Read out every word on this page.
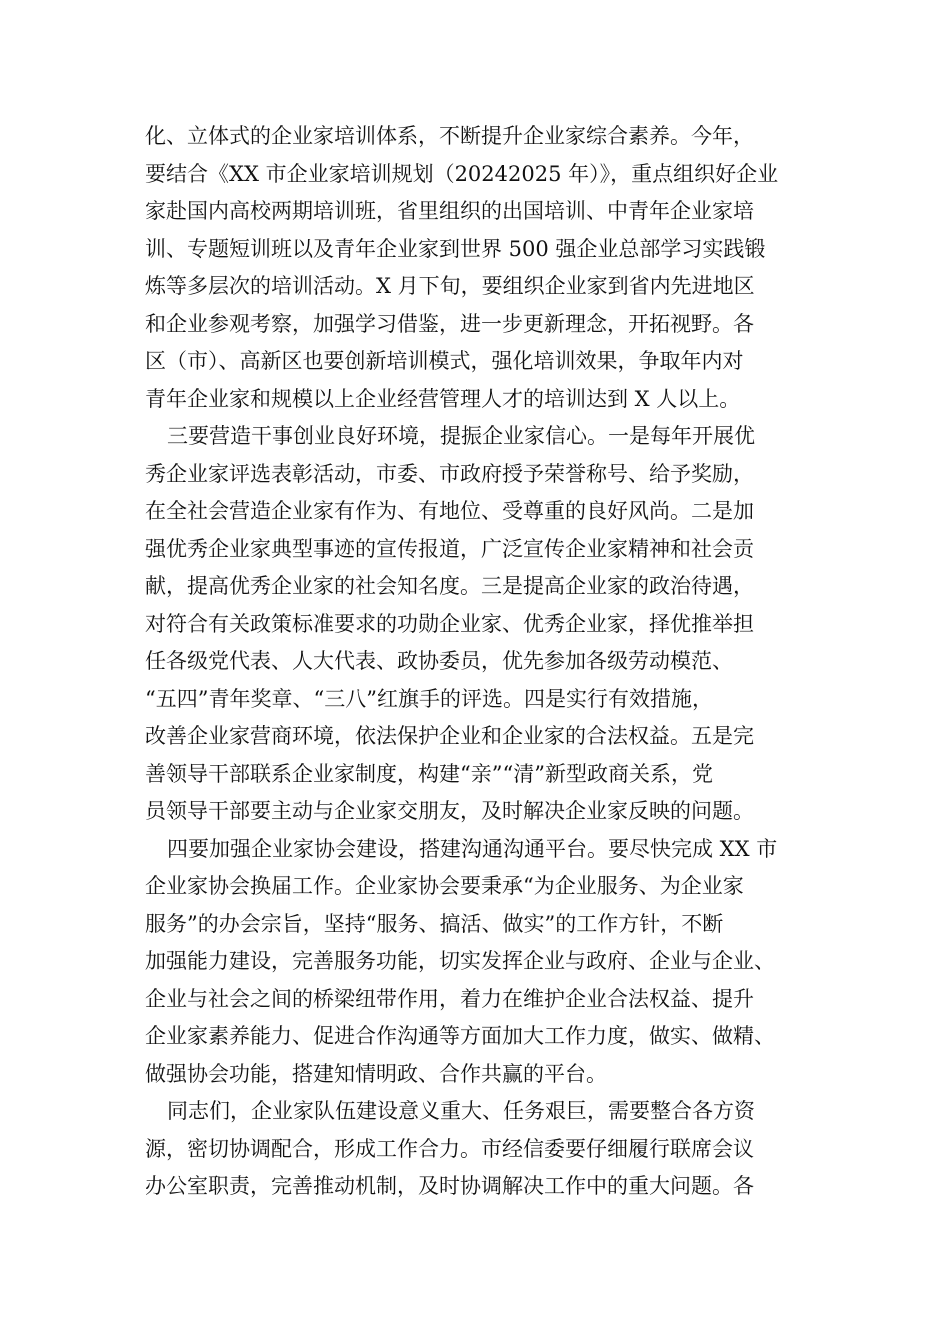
化、立体式的企业家培训体系，不断提升企业家综合素养。今年，
要结合《XX 市企业家培训规划（20242025 年）》，重点组织好企业
家赴国内高校两期培训班，省里组织的出国培训、中青年企业家培
训、专题短训班以及青年企业家到世界 500 强企业总部学习实践锻
炼等多层次的培训活动。X 月下旬，要组织企业家到省内先进地区
和企业参观考察，加强学习借鉴，进一步更新理念，开拓视野。各
区（市）、高新区也要创新培训模式，强化培训效果，争取年内对
青年企业家和规模以上企业经营管理人才的培训达到 X 人以上。
三要营造干事创业良好环境，提振企业家信心。一是每年开展优
秀企业家评选表彰活动，市委、市政府授予荣誉称号、给予奖励，
在全社会营造企业家有作为、有地位、受尊重的良好风尚。二是加
强优秀企业家典型事迹的宣传报道，广泛宣传企业家精神和社会贡
献，提高优秀企业家的社会知名度。三是提高企业家的政治待遇，
对符合有关政策标准要求的功勋企业家、优秀企业家，择优推举担
任各级党代表、人大代表、政协委员，优先参加各级劳动模范、
“五四”青年奖章、“三八”红旗手的评选。四是实行有效措施，
改善企业家营商环境，依法保护企业和企业家的合法权益。五是完
善领导干部联系企业家制度，构建“亲”“清”新型政商关系，党
员领导干部要主动与企业家交朋友，及时解决企业家反映的问题。
四要加强企业家协会建设，搭建沟通沟通平台。要尽快完成 XX 市
企业家协会换届工作。企业家协会要秉承“为企业服务、为企业家
服务”的办会宗旨，坚持“服务、搞活、做实”的工作方针，不断
加强能力建设，完善服务功能，切实发挥企业与政府、企业与企业、
企业与社会之间的桥梁纽带作用，着力在维护企业合法权益、提升
企业家素养能力、促进合作沟通等方面加大工作力度，做实、做精、
做强协会功能，搭建知情明政、合作共赢的平台。
同志们，企业家队伍建设意义重大、任务艰巨，需要整合各方资
源，密切协调配合，形成工作合力。市经信委要仔细履行联席会议
办公室职责，完善推动机制，及时协调解决工作中的重大问题。各
